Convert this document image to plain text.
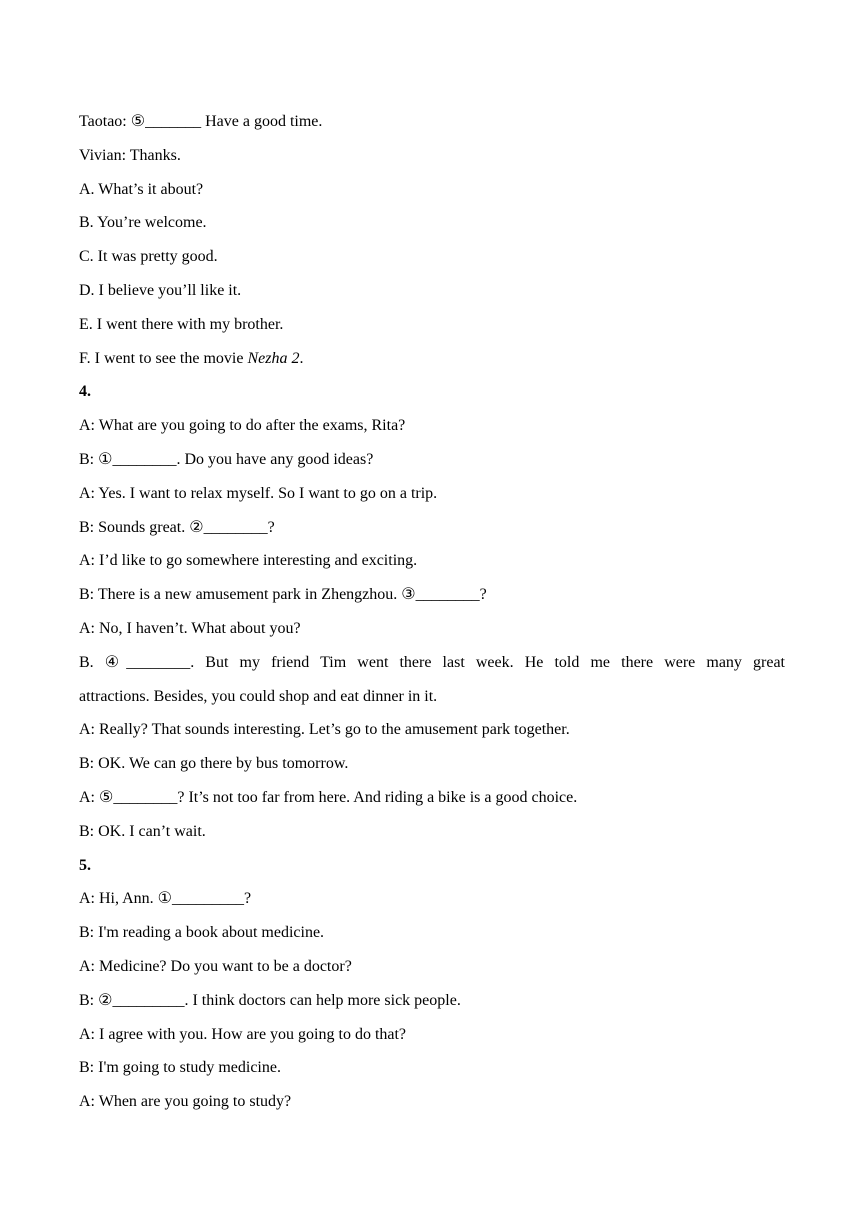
Taotao: ⑤_______ Have a good time.
Vivian: Thanks.
A. What’s it about?
B. You’re welcome.
C. It was pretty good.
D. I believe you’ll like it.
E. I went there with my brother.
F. I went to see the movie Nezha 2.
4.
A: What are you going to do after the exams, Rita?
B: ①________. Do you have any good ideas?
A: Yes. I want to relax myself. So I want to go on a trip.
B: Sounds great. ②________?
A: I’d like to go somewhere interesting and exciting.
B: There is a new amusement park in Zhengzhou. ③________?
A: No, I haven’t. What about you?
B. ④________. But my friend Tim went there last week. He told me there were many great
attractions. Besides, you could shop and eat dinner in it.
A: Really? That sounds interesting. Let’s go to the amusement park together.
B: OK. We can go there by bus tomorrow.
A: ⑤________? It’s not too far from here. And riding a bike is a good choice.
B: OK. I can’t wait.
5.
A: Hi, Ann. ①_________?
B: I'm reading a book about medicine.
A: Medicine? Do you want to be a doctor?
B: ②_________. I think doctors can help more sick people.
A: I agree with you. How are you going to do that?
B: I'm going to study medicine.
A: When are you going to study?
